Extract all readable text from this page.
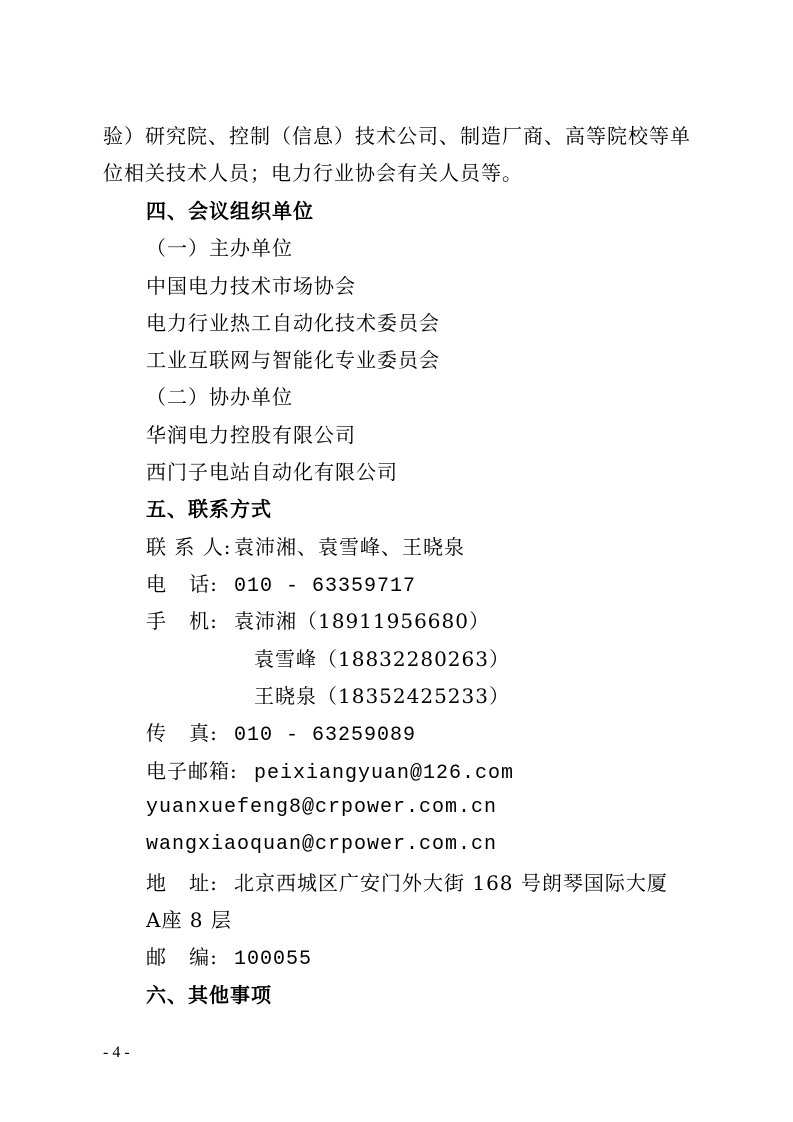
验）研究院、控制（信息）技术公司、制造厂商、高等院校等单
位相关技术人员；电力行业协会有关人员等。
四、会议组织单位
（一）主办单位
中国电力技术市场协会
电力行业热工自动化技术委员会
工业互联网与智能化专业委员会
（二）协办单位
华润电力控股有限公司
西门子电站自动化有限公司
五、联系方式
联 系 人: 袁沛湘、袁雪峰、王晓泉
电   话: 010 - 63359717
手   机: 袁沛湘（18911956680）
袁雪峰（18832280263）
王晓泉（18352425233）
传   真: 010 - 63259089
电子邮箱: peixiangyuan@126.com
yuanxuefeng8@crpower.com.cn
wangxiaoquan@crpower.com.cn
地   址: 北京西城区广安门外大街 168 号朗琴国际大厦
A座 8 层
邮   编: 100055
六、其他事项
- 4 -
